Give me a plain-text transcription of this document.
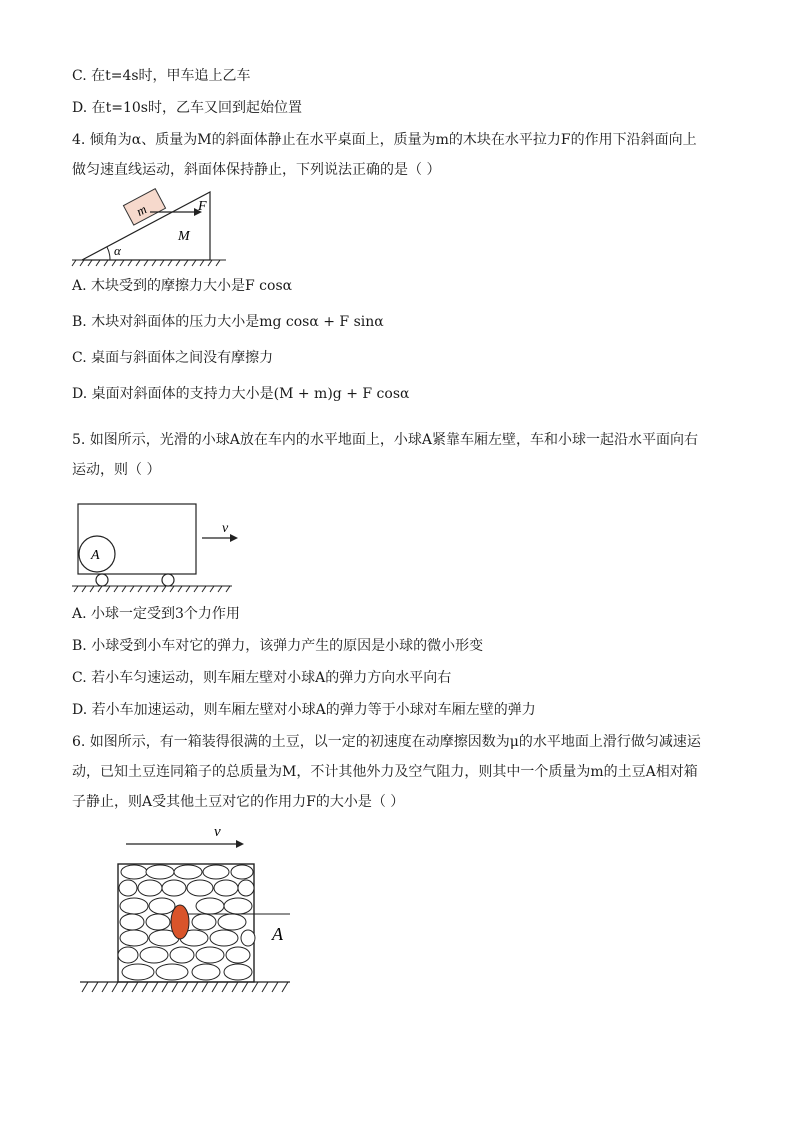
C. 在t=4s时，甲车追上乙车
D. 在t=10s时，乙车又回到起始位置
4. 倾角为α、质量为M的斜面体静止在水平桌面上，质量为m的木块在水平拉力F的作用下沿斜面向上
做匀速直线运动，斜面体保持静止，下列说法正确的是（ ）
α
m	F
M
A. 木块受到的摩擦力大小是F cosα
B. 木块对斜面体的压力大小是mg cosα + F sinα
C. 桌面与斜面体之间没有摩擦力
D. 桌面对斜面体的支持力大小是(M + m)g + F cosα
5. 如图所示，光滑的小球A放在车内的水平地面上，小球A紧靠车厢左壁，车和小球一起沿水平面向右
运动，则（ ）
A
v
A. 小球一定受到3个力作用
B. 小球受到小车对它的弹力，该弹力产生的原因是小球的微小形变
C. 若小车匀速运动，则车厢左壁对小球A的弹力方向水平向右
D. 若小车加速运动，则车厢左壁对小球A的弹力等于小球对车厢左壁的弹力
6. 如图所示，有一箱装得很满的土豆，以一定的初速度在动摩擦因数为μ的水平地面上滑行做匀减速运
动，已知土豆连同箱子的总质量为M，不计其他外力及空气阻力，则其中一个质量为m的土豆A相对箱
子静止，则A受其他土豆对它的作用力F的大小是（ ）
v
A
